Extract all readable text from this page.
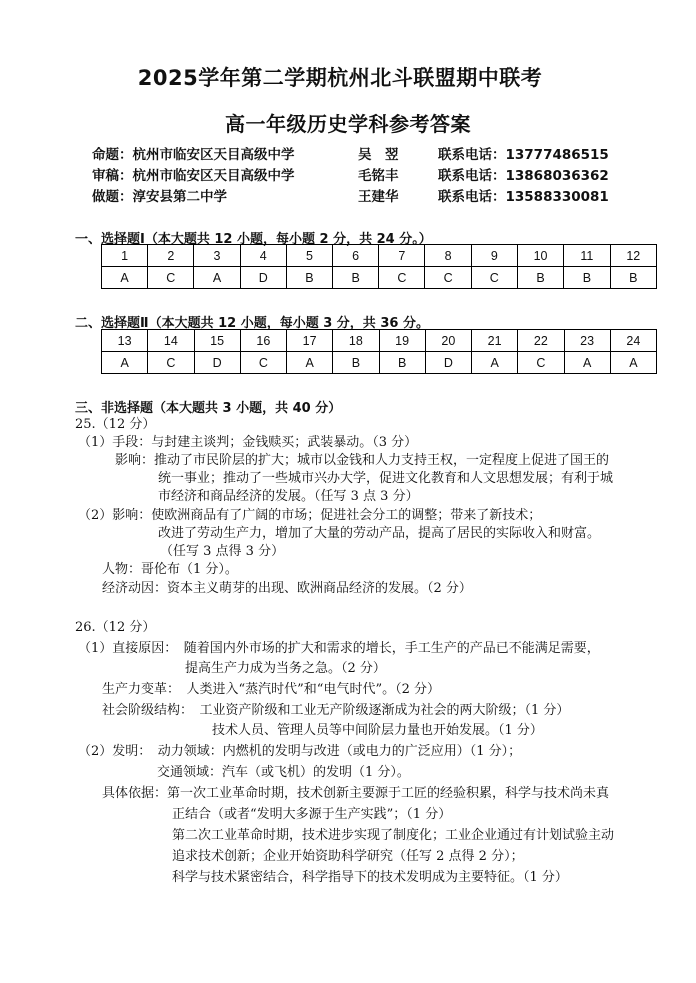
2025学年第二学期杭州北斗联盟期中联考
高一年级历史学科参考答案
命题：杭州市临安区天目高级中学	吴　翌	联系电话：13777486515
审稿：杭州市临安区天目高级中学	毛铭丰	联系电话：13868036362
做题：淳安县第二中学	王建华	联系电话：13588330081
一、选择题Ⅰ（本大题共 12 小题，每小题 2 分，共 24 分。）
1	2	3	4	5	6	7	8	9	10	11	12
A	C	A	D	B	B	C	C	C	B	B	B
二、选择题Ⅱ（本大题共 12 小题，每小题 3 分，共 36 分。
13	14	15	16	17	18	19	20	21	22	23	24
A	C	D	C	A	B	B	D	A	C	A	A
三、非选择题（本大题共 3 小题，共 40 分）
25.（12 分）
（1）手段：与封建主谈判；金钱赎买；武装暴动。（3 分）
影响：推动了市民阶层的扩大；城市以金钱和人力支持王权，一定程度上促进了国王的
统一事业；推动了一些城市兴办大学，促进文化教育和人文思想发展；有利于城
市经济和商品经济的发展。（任写 3 点 3 分）
（2）影响：使欧洲商品有了广阔的市场；促进社会分工的调整；带来了新技术；
改进了劳动生产力，增加了大量的劳动产品，提高了居民的实际收入和财富。
（任写 3 点得 3 分）
人物：哥伦布（1 分）。
经济动因：资本主义萌芽的出现、欧洲商品经济的发展。（2 分）
26.（12 分）
（1）直接原因：　随着国内外市场的扩大和需求的增长，手工生产的产品已不能满足需要，
提高生产力成为当务之急。（2 分）
生产力变革：　人类进入“蒸汽时代”和“电气时代”。（2 分）
社会阶级结构：　工业资产阶级和工业无产阶级逐渐成为社会的两大阶级；（1 分）
技术人员、管理人员等中间阶层力量也开始发展。（1 分）
（2）发明：　动力领域：内燃机的发明与改进（或电力的广泛应用）（1 分）；
交通领域：汽车（或飞机）的发明（1 分）。
具体依据：第一次工业革命时期，技术创新主要源于工匠的经验积累，科学与技术尚未真
正结合（或者“发明大多源于生产实践”；（1 分）
第二次工业革命时期，技术进步实现了制度化；工业企业通过有计划试验主动
追求技术创新；企业开始资助科学研究（任写 2 点得 2 分）；
科学与技术紧密结合，科学指导下的技术发明成为主要特征。（1 分）
